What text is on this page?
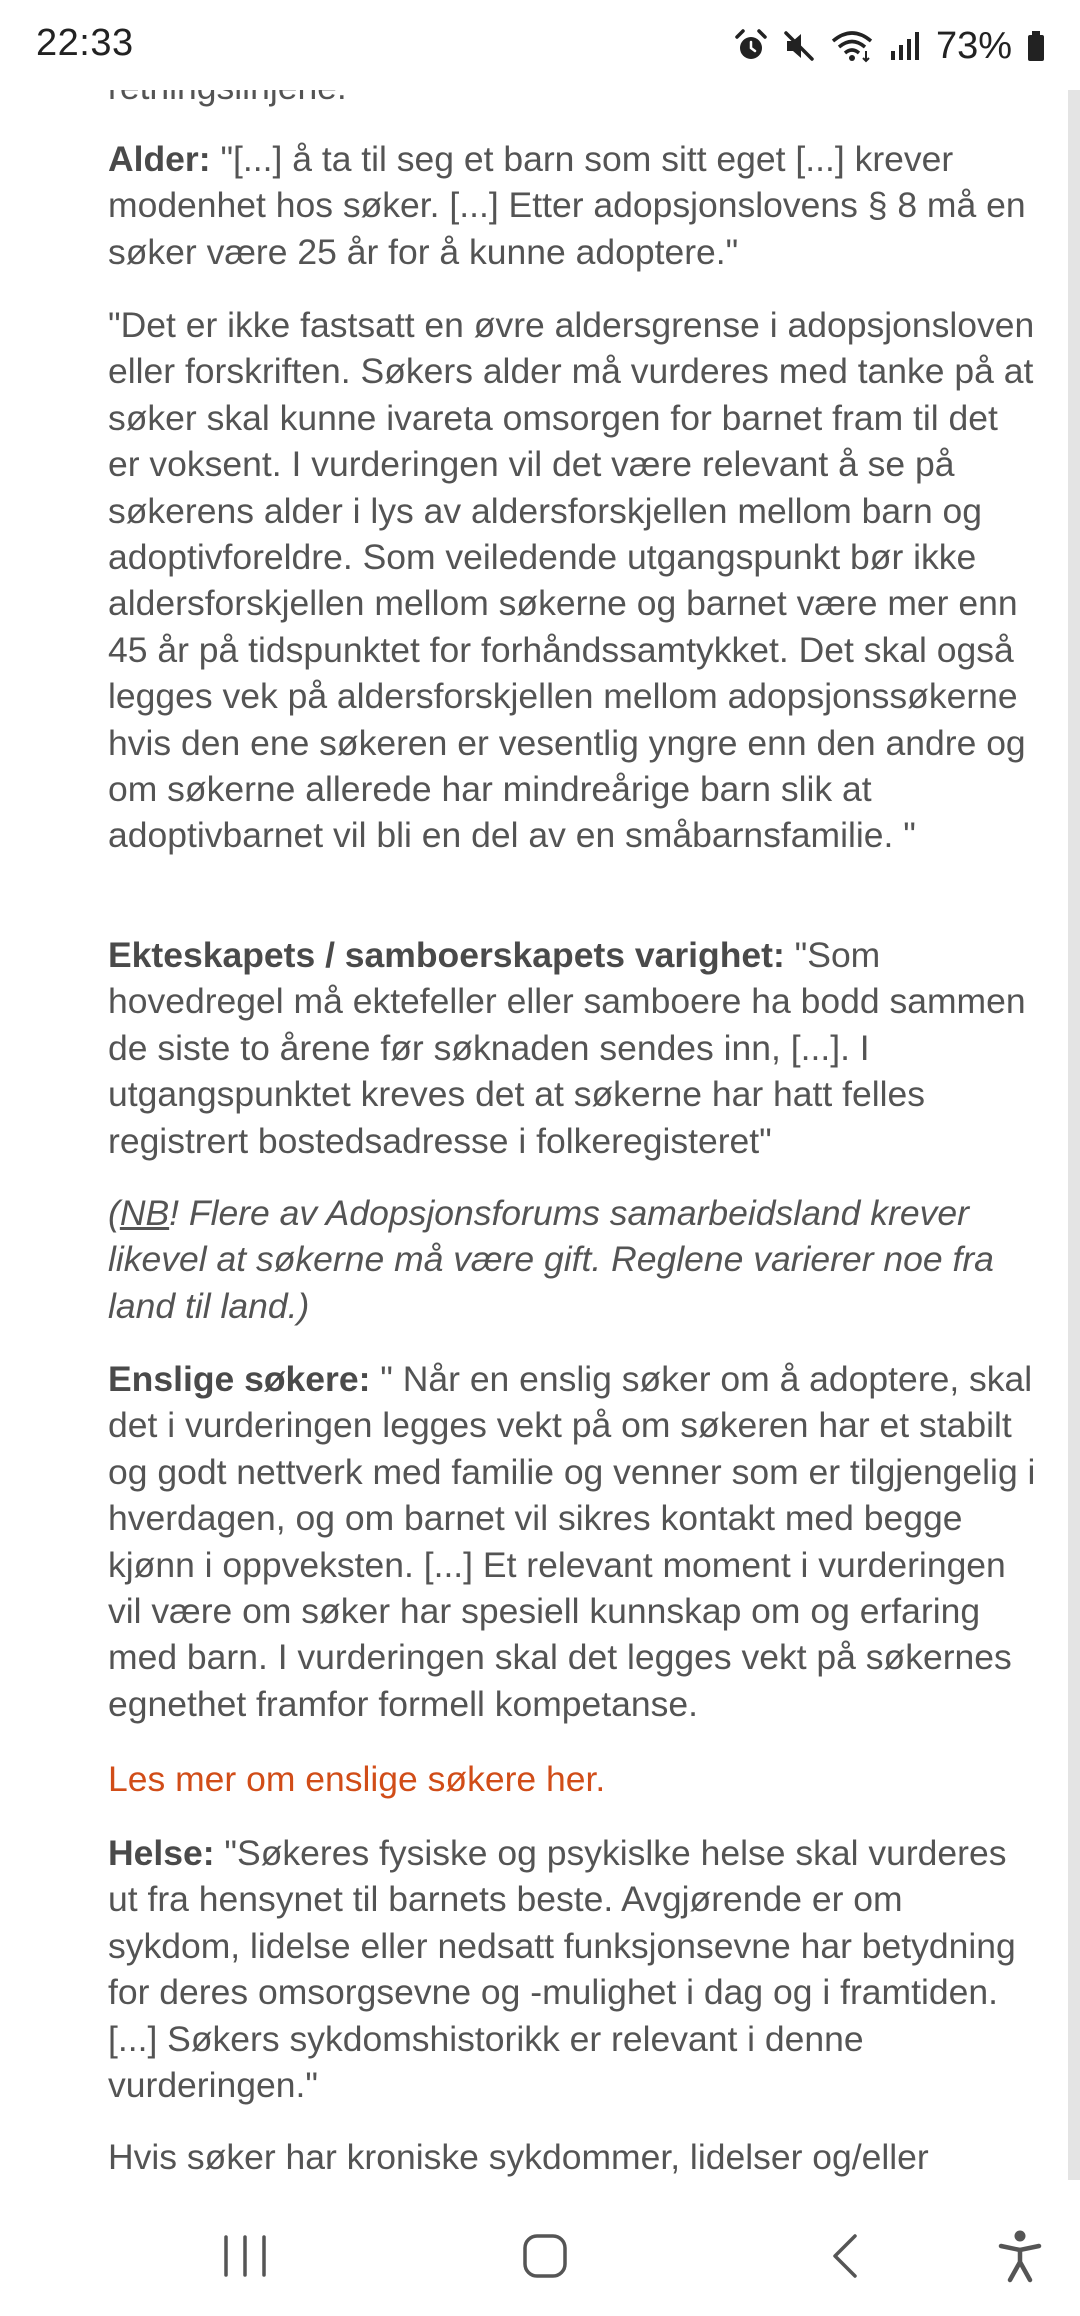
22:33	73%

Alder: "[...] å ta til seg et barn som sitt eget [...] krever modenhet hos søker. [...] Etter adopsjonslovens § 8 må en søker være 25 år for å kunne adoptere."

"Det er ikke fastsatt en øvre aldersgrense i adopsjonsloven eller forskriften. Søkers alder må vurderes med tanke på at søker skal kunne ivareta omsorgen for barnet fram til det er voksent. I vurderingen vil det være relevant å se på søkerens alder i lys av aldersforskjellen mellom barn og adoptivforeldre. Som veiledende utgangspunkt bør ikke aldersforskjellen mellom søkerne og barnet være mer enn 45 år på tidspunktet for forhåndssamtykket. Det skal også legges vek på aldersforskjellen mellom adopsjonssøkerne hvis den ene søkeren er vesentlig yngre enn den andre og om søkerne allerede har mindreårige barn slik at adoptivbarnet vil bli en del av en småbarnsfamilie. "

Ekteskapets / samboerskapets varighet: "Som hovedregel må ektefeller eller samboere ha bodd sammen de siste to årene før søknaden sendes inn, [...]. I utgangspunktet kreves det at søkerne har hatt felles registrert bostedsadresse i folkeregisteret"

(NB! Flere av Adopsjonsforums samarbeidsland krever likevel at søkerne må være gift. Reglene varierer noe fra land til land.)

Enslige søkere: " Når en enslig søker om å adoptere, skal det i vurderingen legges vekt på om søkeren har et stabilt og godt nettverk med familie og venner som er tilgjengelig i hverdagen, og om barnet vil sikres kontakt med begge kjønn i oppveksten. [...] Et relevant moment i vurderingen vil være om søker har spesiell kunnskap om og erfaring med barn. I vurderingen skal det legges vekt på søkernes egnethet framfor formell kompetanse.

Les mer om enslige søkere her.

Helse: "Søkeres fysiske og psykislke helse skal vurderes ut fra hensynet til barnets beste. Avgjørende er om sykdom, lidelse eller nedsatt funksjonsevne har betydning for deres omsorgsevne og -mulighet i dag og i framtiden. [...] Søkers sykdomshistorikk er relevant i denne vurderingen."

Hvis søker har kroniske sykdommer, lidelser og/eller
